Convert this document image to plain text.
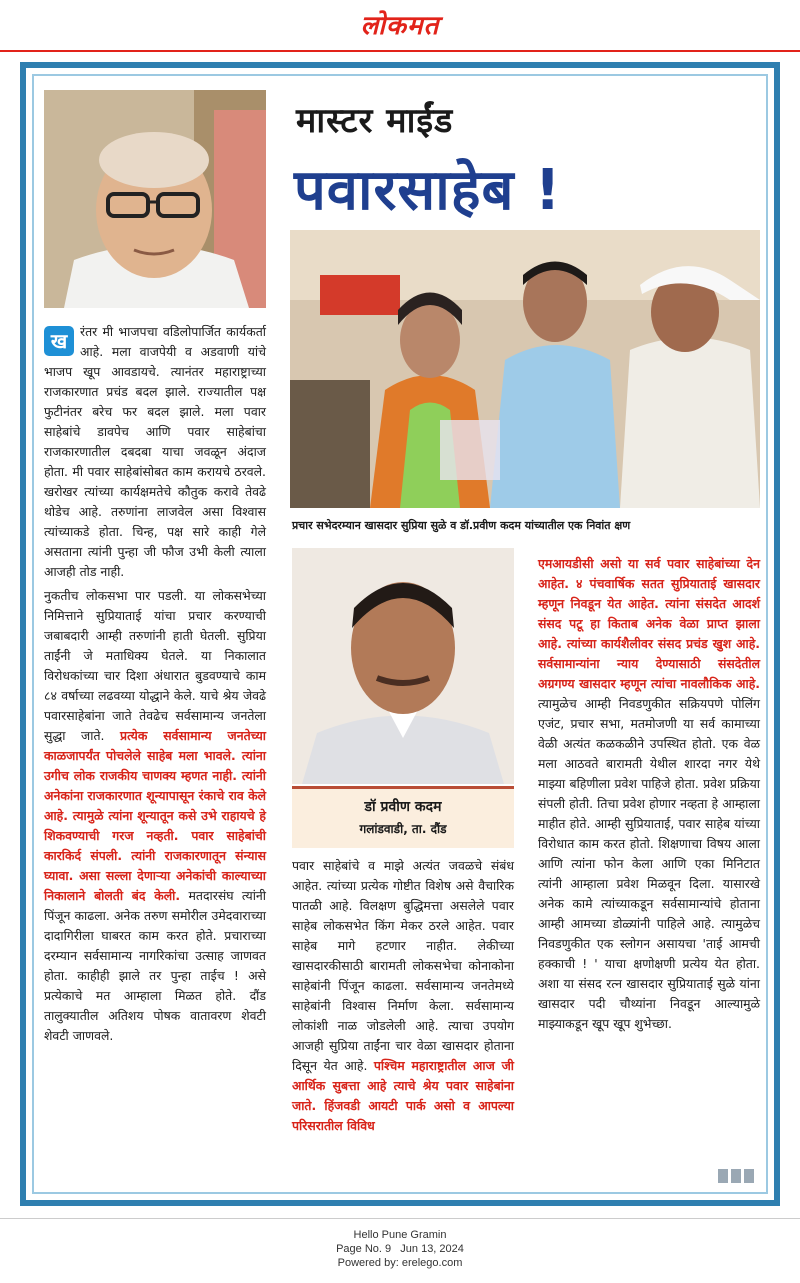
लोकमत
मास्टर माईंड
पवारसाहेब !
प्रचार सभेदरम्यान खासदार सुप्रिया सुळे व डॉ.प्रवीण कदम यांच्यातील एक निवांत क्षण
डॉ प्रवीण कदम
गलांडवाडी, ता. दौंड

ख	रंतर मी भाजपचा वडिलोपार्जित कार्यकर्ता आहे. मला वाजपेयी व अडवाणी यांचे भाजप खूप आवडायचे. त्यानंतर महाराष्ट्राच्या राजकारणात प्रचंड बदल झाले. राज्यातील पक्ष फुटीनंतर बरेच फर बदल झाले. मला पवार साहेबांचे डावपेच आणि पवार साहेबांचा राजकारणातील दबदबा याचा जवळून अंदाज होता. मी पवार साहेबांसोबत काम करायचे ठरवले. खरोखर त्यांच्या कार्यक्षमतेचे कौतुक करावे तेवढे थोडेच आहे. तरुणांना लाजवेल असा विश्वास त्यांच्याकडे होता. चिन्ह, पक्ष सारे काही गेले असताना त्यांनी पुन्हा जी फौज उभी केली त्याला आजही तोड नाही.

नुकतीच लोकसभा पार पडली. या लोकसभेच्या निमित्ताने सुप्रियाताई यांचा प्रचार करण्याची जबाबदारी आम्ही तरुणांनी हाती घेतली. सुप्रिया ताईंनी जे मताधिक्य घेतले. या निकालात विरोधकांच्या चार दिशा अंधारात बुडवण्याचे काम ८४ वर्षाच्या लढवय्या योद्धाने केले. याचे श्रेय जेवढे पवारसाहेबांना जाते तेवढेच सर्वसामान्य जनतेला सुद्धा जाते. प्रत्येक सर्वसामान्य जनतेच्या काळजापर्यंत पोचलेले साहेब मला भावले. त्यांना उगीच लोक राजकीय चाणक्य म्हणत नाही. त्यांनी अनेकांना राजकारणात शून्यापासून रंकाचे राव केले आहे. त्यामुळे त्यांना शून्यातून कसे उभे राहायचे हे शिकवण्याची गरज नव्हती. पवार साहेबांची कारकिर्द संपली. त्यांनी राजकारणातून संन्यास घ्यावा. असा सल्ला देणाऱ्या अनेकांची काल्याच्या निकालाने बोलती बंद केली. मतदारसंघ त्यांनी पिंजून काढला. अनेक तरुण समोरील उमेदवाराच्या दादागिरीला घाबरत काम करत होते. प्रचाराच्या दरम्यान सर्वसामान्य नागरिकांचा उत्साह जाणवत होता. काहीही झाले तर पुन्हा ताईच ! असे प्रत्येकाचे मत आम्हाला मिळत होते. दौंड तालुक्यातील अतिशय पोषक वातावरण शेवटी शेवटी जाणवले.

पवार साहेबांचे व माझे अत्यंत जवळचे संबंध आहेत. त्यांच्या प्रत्येक गोष्टीत विशेष असे वैचारिक पातळी आहे. विलक्षण बुद्धिमत्ता असलेले पवार साहेब लोकसभेत किंग मेकर ठरले आहेत. पवार साहेब मागे हटणार नाहीत. लेकीच्या खासदारकीसाठी बारामती लोकसभेचा कोनाकोना साहेबांनी पिंजून काढला. सर्वसामान्य जनतेमध्ये साहेबांनी विश्वास निर्माण केला. सर्वसामान्य लोकांशी नाळ जोडलेली आहे. त्याचा उपयोग आजही सुप्रिया ताईंना चार वेळा खासदार होताना दिसून येत आहे. पश्चिम महाराष्ट्रातील आज जी आर्थिक सुबत्ता आहे त्याचे श्रेय पवार साहेबांना जाते. हिंजवडी आयटी पार्क असो व आपल्या परिसरातील विविध

एमआयडीसी असो या सर्व पवार साहेबांच्या देन आहेत. ४ पंचवार्षिक सतत सुप्रियाताई खासदार म्हणून निवडून येत आहेत. त्यांना संसदेत आदर्श संसद पटू हा किताब अनेक वेळा प्राप्त झाला आहे. त्यांच्या कार्यशैलीवर संसद प्रचंड खुश आहे. सर्वसामान्यांना न्याय देण्यासाठी संसदेतील अग्रगण्य खासदार म्हणून त्यांचा नावलौकिक आहे. त्यामुळेच आम्ही निवडणुकीत सक्रियपणे पोलिंग एजंट, प्रचार सभा, मतमोजणी या सर्व कामाच्या वेळी अत्यंत कळकळीने उपस्थित होतो. एक वेळ मला आठवते बारामती येथील शारदा नगर येथे माझ्या बहिणीला प्रवेश पाहिजे होता. प्रवेश प्रक्रिया संपली होती. तिचा प्रवेश होणार नव्हता हे आम्हाला माहीत होते. आम्ही सुप्रियाताई, पवार साहेब यांच्या विरोधात काम करत होतो. शिक्षणाचा विषय आला आणि त्यांना फोन केला आणि एका मिनिटात त्यांनी आम्हाला प्रवेश मिळवून दिला. यासारखे अनेक कामे त्यांच्याकडून सर्वसामान्यांचे होताना आम्ही आमच्या डोळ्यांनी पाहिले आहे. त्यामुळेच निवडणुकीत एक स्लोगन असायचा 'ताई आमची हक्काची ! ' याचा क्षणोक्षणी प्रत्येय येत होता. अशा या संसद रत्न खासदार सुप्रियाताई सुळे यांना खासदार पदी चौथ्यांना निवडून आल्यामुळे माझ्याकडून खूप खूप शुभेच्छा.

Hello Pune Gramin
Page No. 9   Jun 13, 2024
Powered by: erelego.com
